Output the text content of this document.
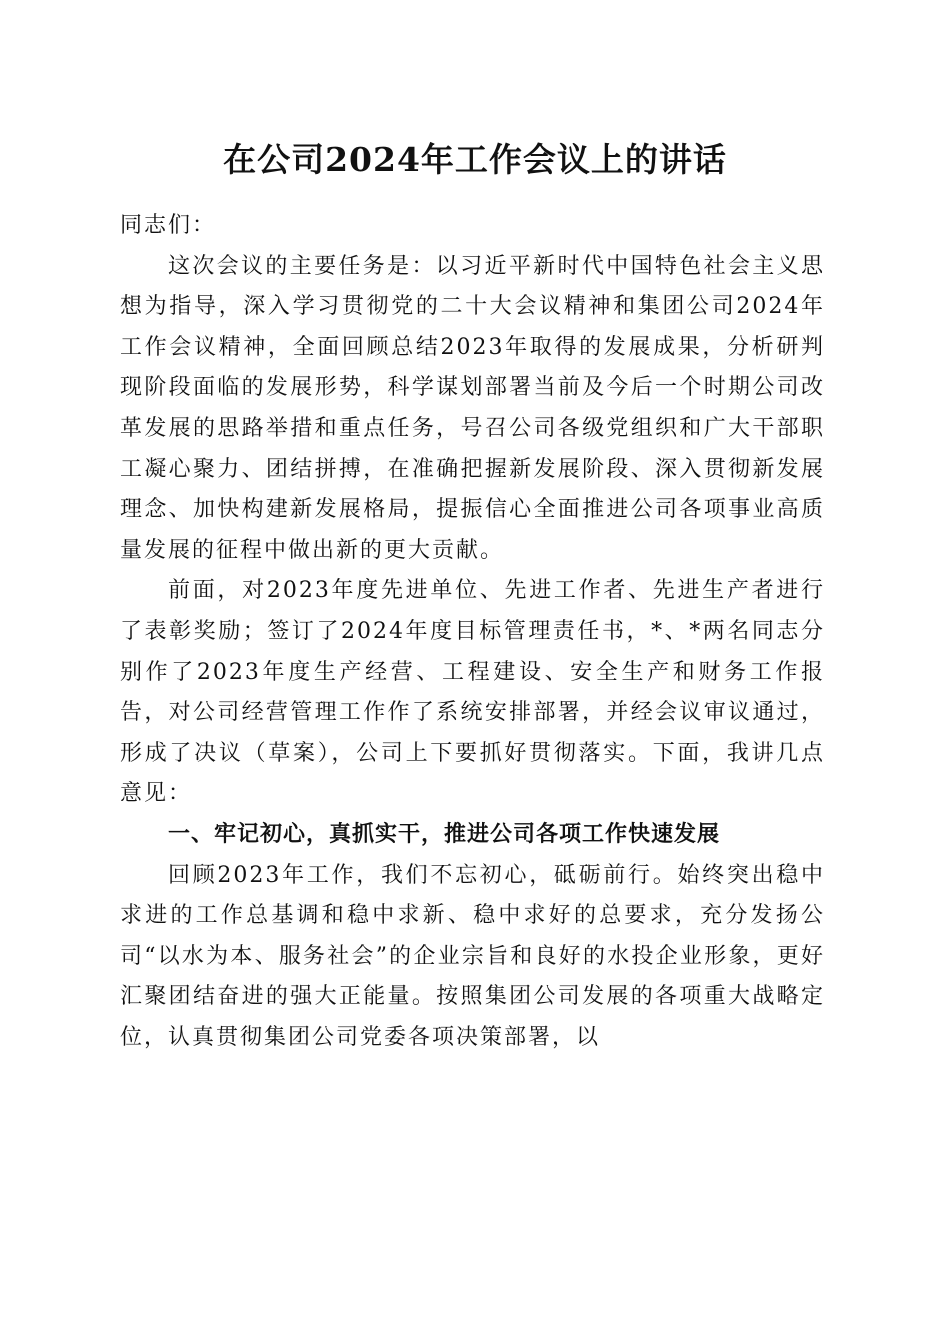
在公司2024年工作会议上的讲话

同志们：

这次会议的主要任务是：以习近平新时代中国特色社会主义思想为指导，深入学习贯彻党的二十大会议精神和集团公司2024年工作会议精神，全面回顾总结2023年取得的发展成果，分析研判现阶段面临的发展形势，科学谋划部署当前及今后一个时期公司改革发展的思路举措和重点任务，号召公司各级党组织和广大干部职工凝心聚力、团结拼搏，在准确把握新发展阶段、深入贯彻新发展理念、加快构建新发展格局，提振信心全面推进公司各项事业高质量发展的征程中做出新的更大贡献。

前面，对2023年度先进单位、先进工作者、先进生产者进行了表彰奖励；签订了2024年度目标管理责任书，*、*两名同志分别作了2023年度生产经营、工程建设、安全生产和财务工作报告，对公司经营管理工作作了系统安排部署，并经会议审议通过，形成了决议（草案），公司上下要抓好贯彻落实。下面，我讲几点意见：

一、牢记初心，真抓实干，推进公司各项工作快速发展

回顾2023年工作，我们不忘初心，砥砺前行。始终突出稳中求进的工作总基调和稳中求新、稳中求好的总要求，充分发扬公司“以水为本、服务社会”的企业宗旨和良好的水投企业形象，更好汇聚团结奋进的强大正能量。按照集团公司发展的各项重大战略定位，认真贯彻集团公司党委各项决策部署，以
